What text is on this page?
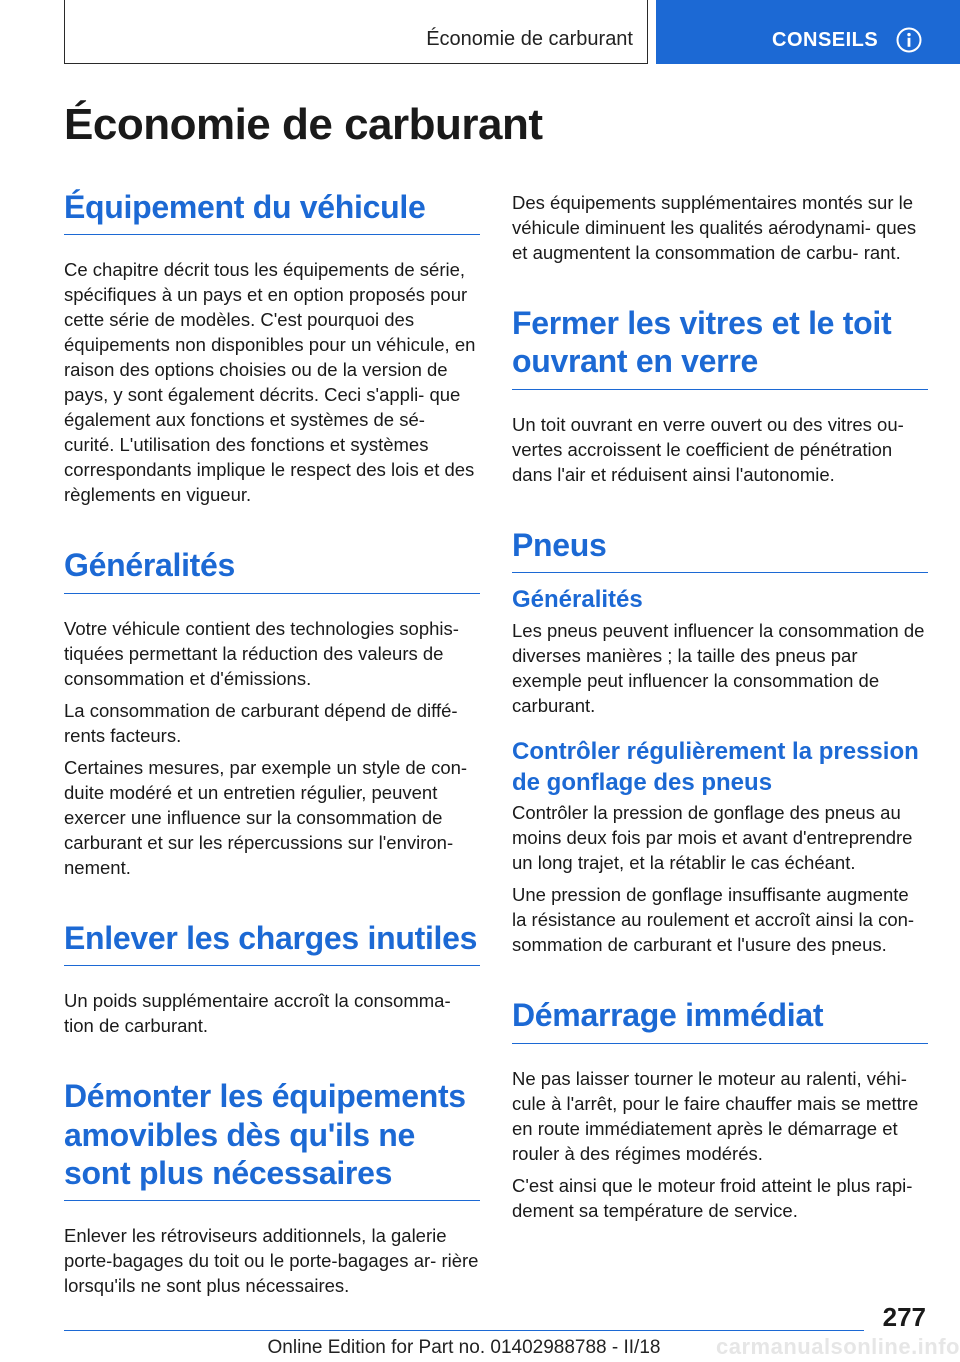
Économie de carburant	CONSEILS
Économie de carburant
Équipement du véhicule

Ce chapitre décrit tous les équipements de série, spécifiques à un pays et en option proposés pour cette série de modèles. C'est pourquoi des équipements non disponibles pour un véhicule, en raison des options choisies ou de la version de pays, y sont également décrits. Ceci s'appli‐ que également aux fonctions et systèmes de sé‐ curité. L'utilisation des fonctions et systèmes correspondants implique le respect des lois et des règlements en vigueur.

Généralités

Votre véhicule contient des technologies sophis‐ tiquées permettant la réduction des valeurs de consommation et d'émissions.

La consommation de carburant dépend de diffé‐ rents facteurs.

Certaines mesures, par exemple un style de con‐ duite modéré et un entretien régulier, peuvent exercer une influence sur la consommation de carburant et sur les répercussions sur l'environ‐ nement.

Enlever les charges inutiles

Un poids supplémentaire accroît la consomma‐ tion de carburant.

Démonter les équipements amovibles dès qu'ils ne sont plus nécessaires

Enlever les rétroviseurs additionnels, la galerie porte-bagages du toit ou le porte-bagages ar‐ rière lorsqu'ils ne sont plus nécessaires.

Des équipements supplémentaires montés sur le véhicule diminuent les qualités aérodynami‐ ques et augmentent la consommation de carbu‐ rant.

Fermer les vitres et le toit ouvrant en verre

Un toit ouvrant en verre ouvert ou des vitres ou‐ vertes accroissent le coefficient de pénétration dans l'air et réduisent ainsi l'autonomie.

Pneus
Généralités

Les pneus peuvent influencer la consommation de diverses manières ; la taille des pneus par exemple peut influencer la consommation de carburant.

Contrôler régulièrement la pression de gonflage des pneus

Contrôler la pression de gonflage des pneus au moins deux fois par mois et avant d'entreprendre un long trajet, et la rétablir le cas échéant.

Une pression de gonflage insuffisante augmente la résistance au roulement et accroît ainsi la con‐ sommation de carburant et l'usure des pneus.

Démarrage immédiat

Ne pas laisser tourner le moteur au ralenti, véhi‐ cule à l'arrêt, pour le faire chauffer mais se mettre en route immédiatement après le démarrage et rouler à des régimes modérés.

C'est ainsi que le moteur froid atteint le plus rapi‐ dement sa température de service.

277
Online Edition for Part no. 01402988788 - II/18	carmanualsonline.info
